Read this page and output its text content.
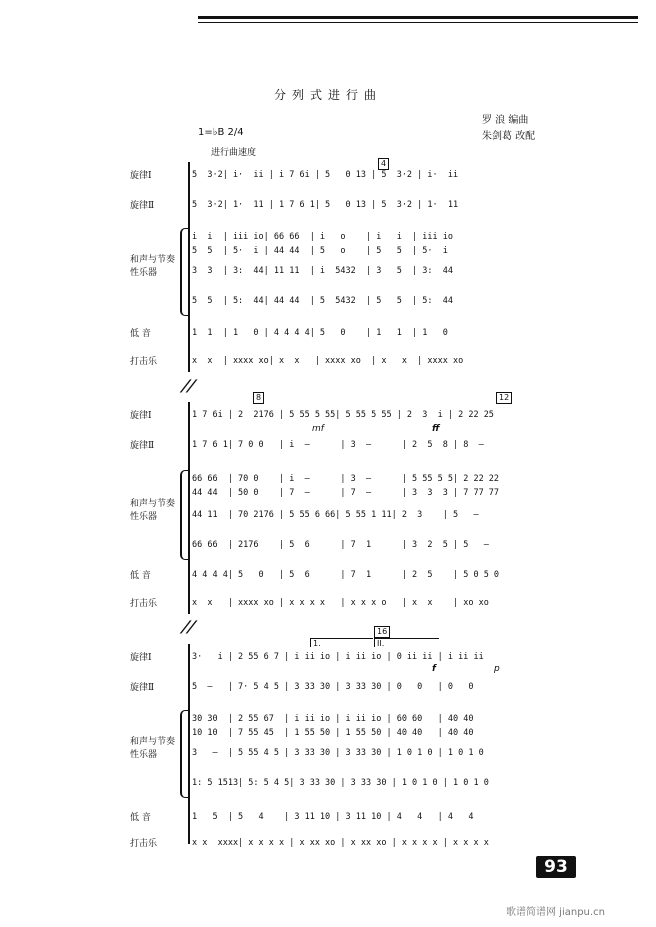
分列式进行曲
罗 浪 编曲
朱剑葛 改配
1=♭B 2/4
进行曲速度
4
旋律Ⅰ	5  3·2| i·  ii | i 7 6i | 5   0 13 | 5  3·2 | i·  ii
旋律Ⅱ	5  3·2| 1·  11 | 1 7 6 1| 5   0 13 | 5  3·2 | 1·  11
和声与节奏性乐器
i  i  | iii io| 66 66  | i   o    | i   i  | iii io
5  5  | 5·  i | 44 44  | 5   o    | 5   5  | 5·  i
3  3  | 3:  44| 11 11  | i  5432  | 3   5  | 3:  44
5  5  | 5:  44| 44 44  | 5  5432  | 5   5  | 5:  44
低 音	1  1  | 1   0 | 4 4 4 4| 5   0    | 1   1  | 1   0
打击乐	x  x  | xxxx xo| x  x   | xxxx xo  | x   x  | xxxx xo
//
8	12
旋律Ⅰ	1 7 6i | 2  2176 | 5 55 5 55| 5 55 5 55 | 2  3  i | 2 22 25
mf	ff
旋律Ⅱ	1 7 6 1| 7 0 0   | i  —      | 3  —      | 2  5  8 | 8  —
和声与节奏性乐器
66 66  | 70 0    | i  —      | 3  —      | 5 55 5 5| 2 22 22
44 44  | 50 0    | 7  —      | 7  —      | 3  3  3 | 7 77 77
44 11  | 70 2176 | 5 55 6 66| 5 55 1 11| 2  3    | 5   —
66 66  | 2176    | 5  6      | 7  1      | 3  2  5 | 5   —
低 音	4 4 4 4| 5   0   | 5  6      | 7  1      | 2  5    | 5 0 5 0
打击乐	x  x   | xxxx xo | x x x x   | x x x o   | x  x    | xo xo
//
1.	II.
16
旋律Ⅰ	3·   i | 2 55 6 7 | i ii io | i ii io | 0 ii ii | i ii ii
f	p
旋律Ⅱ	5  —   | 7· 5 4 5 | 3 33 30 | 3 33 30 | 0   0   | 0   0
和声与节奏性乐器
30 30  | 2 55 67  | i ii io | i ii io | 60 60   | 40 40
10 10  | 7 55 45  | 1 55 50 | 1 55 50 | 40 40   | 40 40
3   —  | 5 55 4 5 | 3 33 30 | 3 33 30 | 1 0 1 0 | 1 0 1 0
1: 5 1513| 5: 5 4 5| 3 33 30 | 3 33 30 | 1 0 1 0 | 1 0 1 0
低 音	1   5  | 5   4    | 3 11 10 | 3 11 10 | 4   4   | 4   4
打击乐	x x  xxxx| x x x x | x xx xo | x xx xo | x x x x | x x x x
93
歌谱简谱网 jianpu.cn
